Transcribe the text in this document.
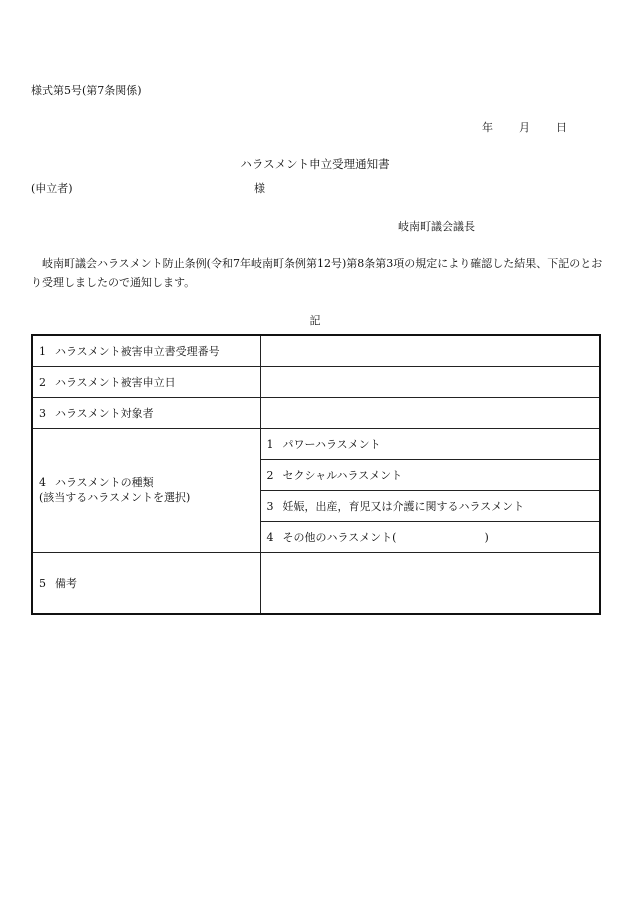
様式第5号(第7条関係)
年 月 日
ハラスメント申立受理通知書
(申立者)	様
岐南町議会議長
岐南町議会ハラスメント防止条例(令和7年岐南町条例第12号)第8条第3項の規定により確認した結果、下記のとおり受理しましたので通知します。
記
1 ハラスメント被害申立書受理番号	
2 ハラスメント被害申立日	
3 ハラスメント対象者	
4 ハラスメントの種類
(該当するハラスメントを選択)	1 パワーハラスメント
	2 セクシャルハラスメント
	3 妊娠，出産，育児又は介護に関するハラスメント
	4 その他のハラスメント( )
5 備考	
